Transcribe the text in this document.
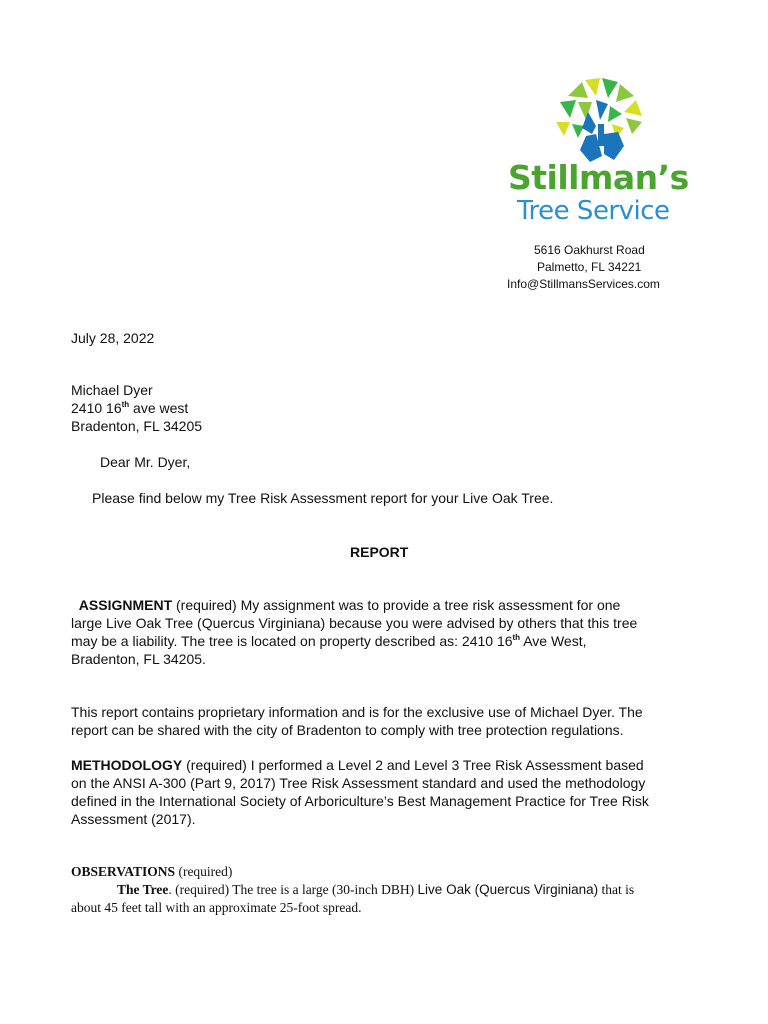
Stillman’s
Tree Service
5616 Oakhurst Road
Palmetto, FL 34221
Info@StillmansServices.com
July 28, 2022
Michael Dyer
2410 16th ave west
Bradenton, FL 34205
Dear Mr. Dyer,
Please find below my Tree Risk Assessment report for your Live Oak Tree.
REPORT
ASSIGNMENT (required) My assignment was to provide a tree risk assessment for one
large Live Oak Tree (Quercus Virginiana) because you were advised by others that this tree
may be a liability. The tree is located on property described as: 2410 16th Ave West,
Bradenton, FL 34205.
This report contains proprietary information and is for the exclusive use of Michael Dyer. The
report can be shared with the city of Bradenton to comply with tree protection regulations.
METHODOLOGY (required) I performed a Level 2 and Level 3 Tree Risk Assessment based
on the ANSI A-300 (Part 9, 2017) Tree Risk Assessment standard and used the methodology
defined in the International Society of Arboriculture’s Best Management Practice for Tree Risk
Assessment (2017).
OBSERVATIONS (required)
The Tree. (required) The tree is a large (30-inch DBH) Live Oak (Quercus Virginiana) that is
about 45 feet tall with an approximate 25-foot spread.
